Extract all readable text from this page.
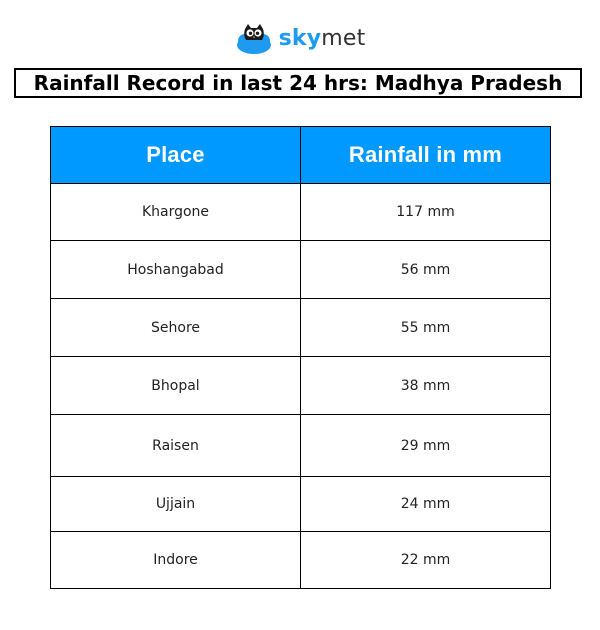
skymet
Rainfall Record in last 24 hrs: Madhya Pradesh
Place	Rainfall in mm
Khargone	117 mm
Hoshangabad	56 mm
Sehore	55 mm
Bhopal	38 mm
Raisen	29 mm
Ujjain	24 mm
Indore	22 mm
